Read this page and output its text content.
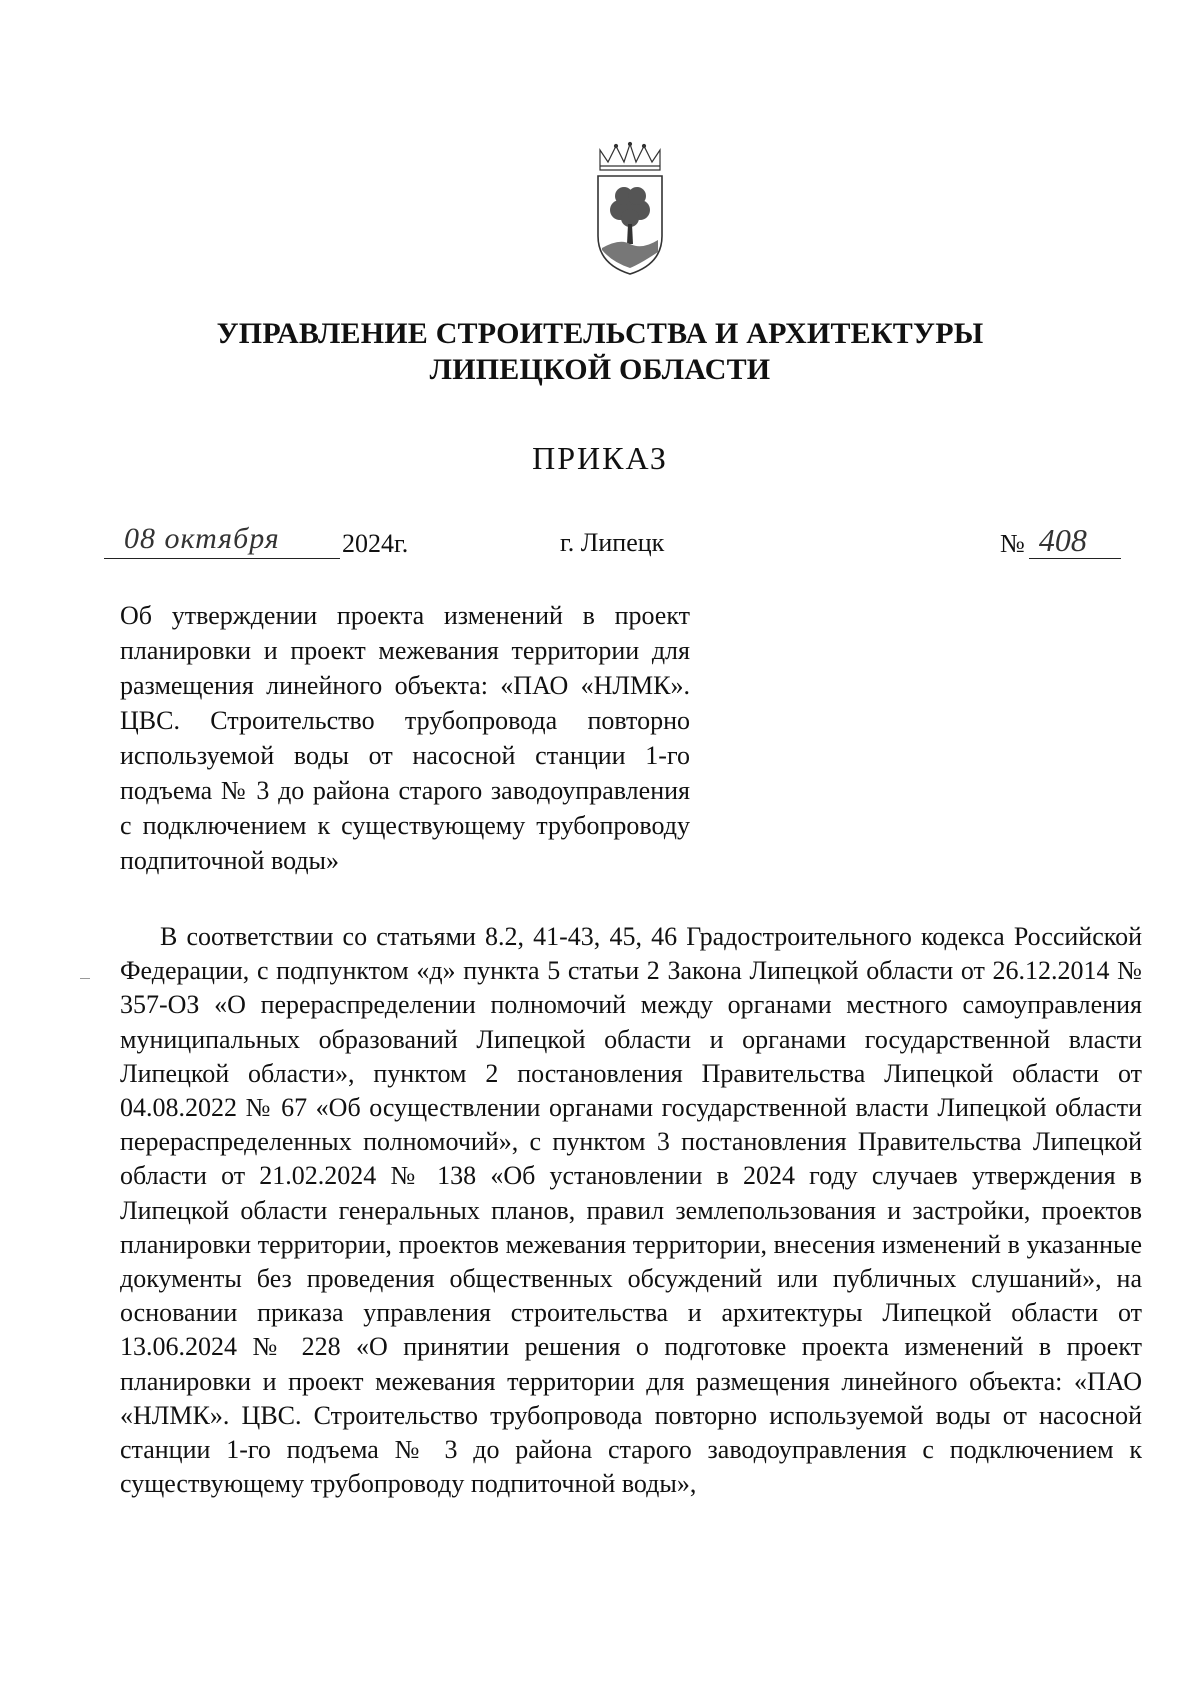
УПРАВЛЕНИЕ СТРОИТЕЛЬСТВА И АРХИТЕКТУРЫ
ЛИПЕЦКОЙ ОБЛАСТИ
ПРИКАЗ
08 октября 2024г.	г. Липецк	№ 408
Об утверждении проекта изменений в проект планировки и проект межевания территории для размещения линейного объекта: «ПАО «НЛМК». ЦВС. Строительство трубопровода повторно используемой воды от насосной станции 1-го подъема № 3 до района старого заводоуправления с подключением к существующему трубопроводу подпиточной воды»
В соответствии со статьями 8.2, 41-43, 45, 46 Градостроительного кодекса Российской Федерации, с подпунктом «д» пункта 5 статьи 2 Закона Липецкой области от 26.12.2014 № 357-ОЗ «О перераспределении полномочий между органами местного самоуправления муниципальных образований Липецкой области и органами государственной власти Липецкой области», пунктом 2 постановления Правительства Липецкой области от 04.08.2022 № 67 «Об осуществлении органами государственной власти Липецкой области перераспределенных полномочий», с пунктом 3 постановления Правительства Липецкой области от 21.02.2024 № 138 «Об установлении в 2024 году случаев утверждения в Липецкой области генеральных планов, правил землепользования и застройки, проектов планировки территории, проектов межевания территории, внесения изменений в указанные документы без проведения общественных обсуждений или публичных слушаний», на основании приказа управления строительства и архитектуры Липецкой области от 13.06.2024 № 228 «О принятии решения о подготовке проекта изменений в проект планировки и проект межевания территории для размещения линейного объекта: «ПАО «НЛМК». ЦВС. Строительство трубопровода повторно используемой воды от насосной станции 1-го подъема № 3 до района старого заводоуправления с подключением к существующему трубопроводу подпиточной воды»,
